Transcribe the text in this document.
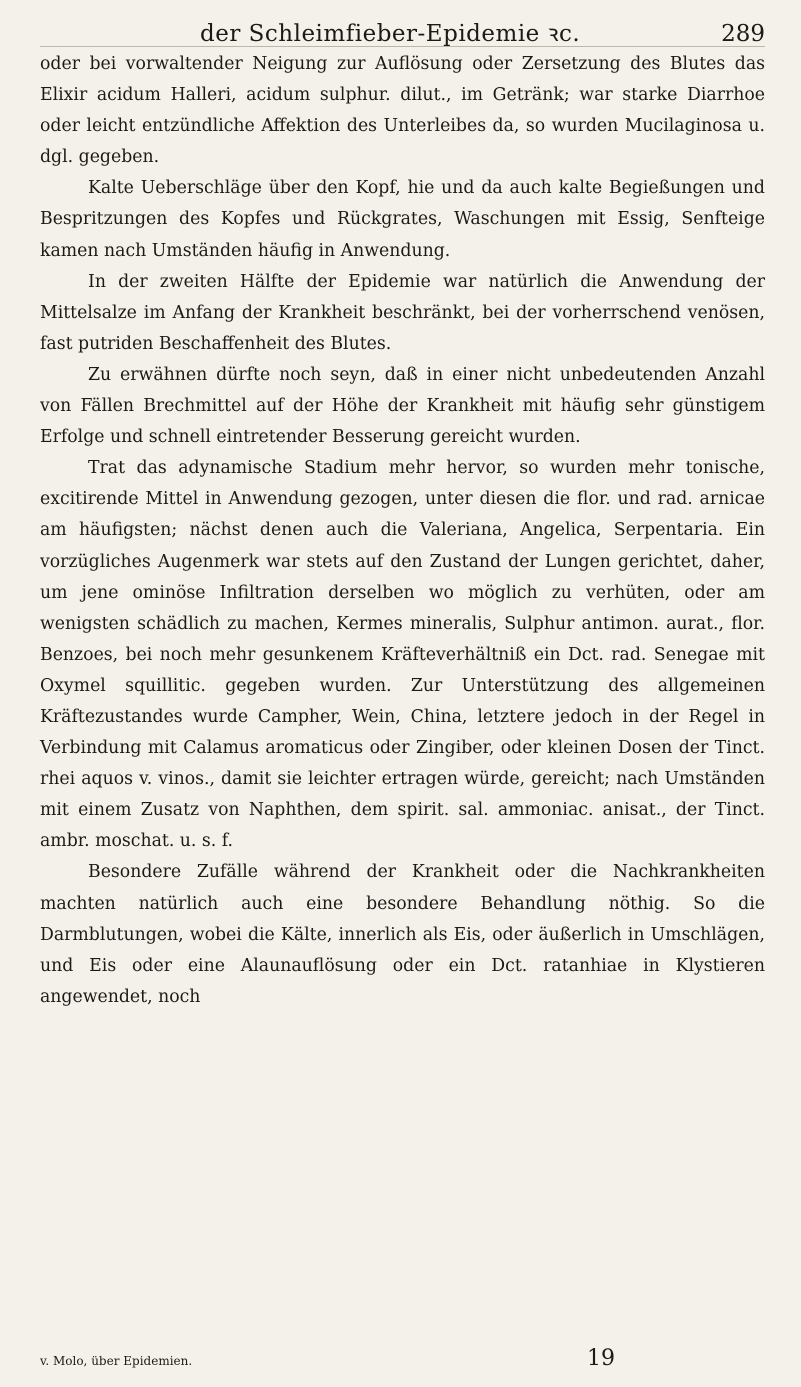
der Schleimfieber-Epidemie ꝛc.	289

oder bei vorwaltender Neigung zur Auflösung oder Zersetzung des Blutes das Elixir acidum Halleri, acidum sulphur. dilut., im Getränk; war starke Diarrhoe oder leicht entzündliche Affektion des Unterleibes da, so wurden Mucilaginosa u. dgl. gegeben.

Kalte Ueberschläge über den Kopf, hie und da auch kalte Begießungen und Bespritzungen des Kopfes und Rückgrates, Waschungen mit Essig, Senfteige kamen nach Umständen häufig in Anwendung.

In der zweiten Hälfte der Epidemie war natürlich die Anwendung der Mittelsalze im Anfang der Krankheit beschränkt, bei der vorherrschend venösen, fast putriden Beschaffenheit des Blutes.

Zu erwähnen dürfte noch seyn, daß in einer nicht unbedeutenden Anzahl von Fällen Brechmittel auf der Höhe der Krankheit mit häufig sehr günstigem Erfolge und schnell eintretender Besserung gereicht wurden.

Trat das adynamische Stadium mehr hervor, so wurden mehr tonische, excitirende Mittel in Anwendung gezogen, unter diesen die flor. und rad. arnicae am häufigsten; nächst denen auch die Valeriana, Angelica, Serpentaria. Ein vorzügliches Augenmerk war stets auf den Zustand der Lungen gerichtet, daher, um jene ominöse Infiltration derselben wo möglich zu verhüten, oder am wenigsten schädlich zu machen, Kermes mineralis, Sulphur antimon. aurat., flor. Benzoes, bei noch mehr gesunkenem Kräfteverhältniß ein Dct. rad. Senegae mit Oxymel squillitic. gegeben wurden. Zur Unterstützung des allgemeinen Kräftezustandes wurde Campher, Wein, China, letztere jedoch in der Regel in Verbindung mit Calamus aromaticus oder Zingiber, oder kleinen Dosen der Tinct. rhei aquos v. vinos., damit sie leichter ertragen würde, gereicht; nach Umständen mit einem Zusatz von Naphthen, dem spirit. sal. ammoniac. anisat., der Tinct. ambr. moschat. u. s. f.

Besondere Zufälle während der Krankheit oder die Nachkrankheiten machten natürlich auch eine besondere Behandlung nöthig. So die Darmblutungen, wobei die Kälte, innerlich als Eis, oder äußerlich in Umschlägen, und Eis oder eine Alaunauflösung oder ein Dct. ratanhiae in Klystieren angewendet, noch

v. Molo, über Epidemien.	19
